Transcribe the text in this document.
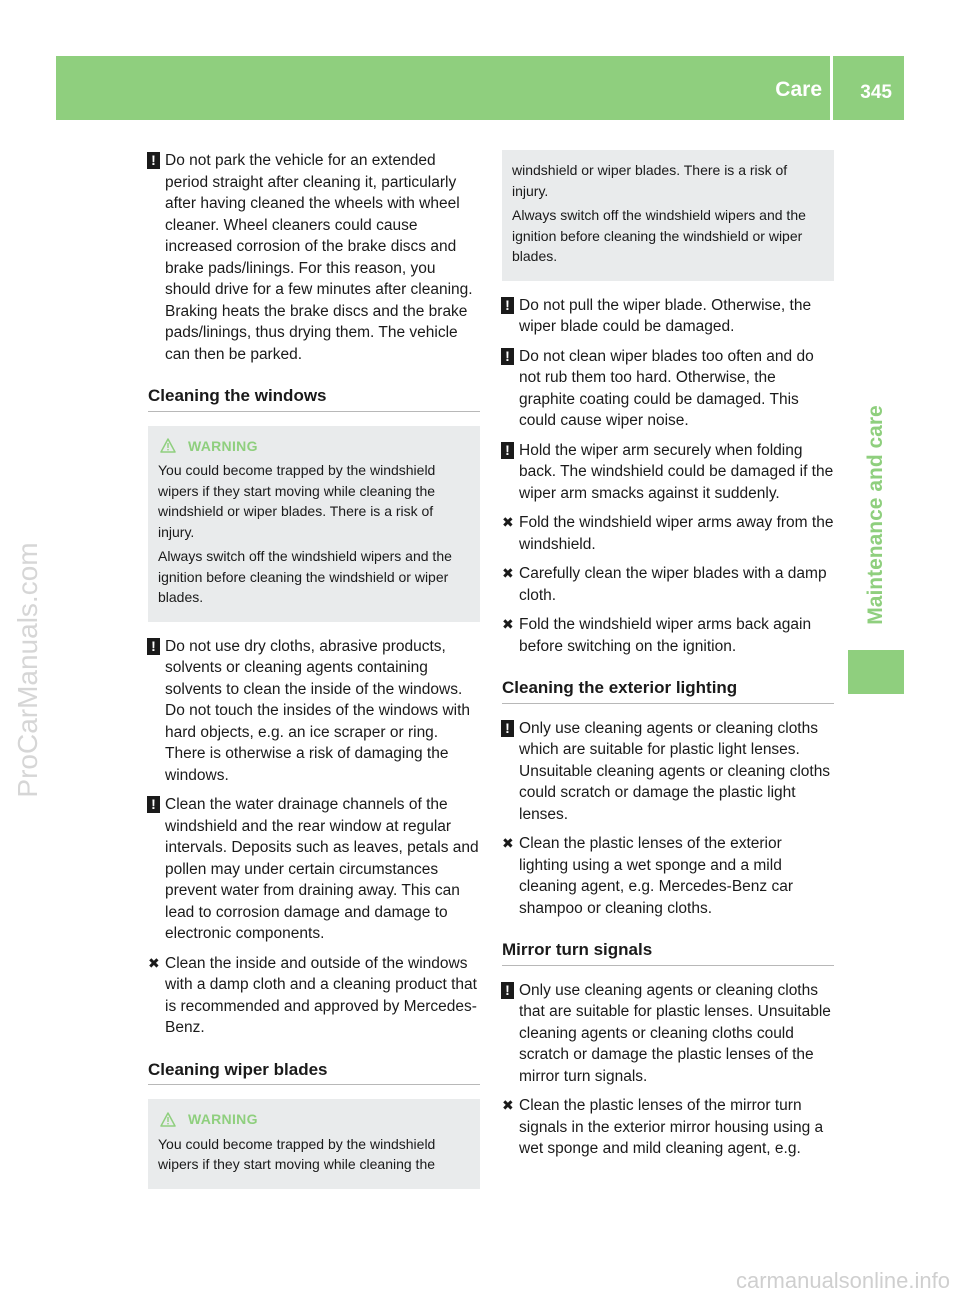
Care 345
Maintenance and care
ProCarManuals.com
carmanualsonline.info
! Do not park the vehicle for an extended period straight after cleaning it, particularly after having cleaned the wheels with wheel cleaner. Wheel cleaners could cause increased corrosion of the brake discs and brake pads/linings. For this reason, you should drive for a few minutes after cleaning. Braking heats the brake discs and the brake pads/linings, thus drying them. The vehicle can then be parked.
Cleaning the windows
WARNING
You could become trapped by the windshield wipers if they start moving while cleaning the windshield or wiper blades. There is a risk of injury.
Always switch off the windshield wipers and the ignition before cleaning the windshield or wiper blades.
! Do not use dry cloths, abrasive products, solvents or cleaning agents containing solvents to clean the inside of the windows. Do not touch the insides of the windows with hard objects, e.g. an ice scraper or ring. There is otherwise a risk of damaging the windows.
! Clean the water drainage channels of the windshield and the rear window at regular intervals. Deposits such as leaves, petals and pollen may under certain circumstances prevent water from draining away. This can lead to corrosion damage and damage to electronic components.
✖ Clean the inside and outside of the windows with a damp cloth and a cleaning product that is recommended and approved by Mercedes-Benz.
Cleaning wiper blades
WARNING
You could become trapped by the windshield wipers if they start moving while cleaning the
windshield or wiper blades. There is a risk of injury.
Always switch off the windshield wipers and the ignition before cleaning the windshield or wiper blades.
! Do not pull the wiper blade. Otherwise, the wiper blade could be damaged.
! Do not clean wiper blades too often and do not rub them too hard. Otherwise, the graphite coating could be damaged. This could cause wiper noise.
! Hold the wiper arm securely when folding back. The windshield could be damaged if the wiper arm smacks against it suddenly.
✖ Fold the windshield wiper arms away from the windshield.
✖ Carefully clean the wiper blades with a damp cloth.
✖ Fold the windshield wiper arms back again before switching on the ignition.
Cleaning the exterior lighting
! Only use cleaning agents or cleaning cloths which are suitable for plastic light lenses. Unsuitable cleaning agents or cleaning cloths could scratch or damage the plastic light lenses.
✖ Clean the plastic lenses of the exterior lighting using a wet sponge and a mild cleaning agent, e.g. Mercedes-Benz car shampoo or cleaning cloths.
Mirror turn signals
! Only use cleaning agents or cleaning cloths that are suitable for plastic lenses. Unsuitable cleaning agents or cleaning cloths could scratch or damage the plastic lenses of the mirror turn signals.
✖ Clean the plastic lenses of the mirror turn signals in the exterior mirror housing using a wet sponge and mild cleaning agent, e.g.
